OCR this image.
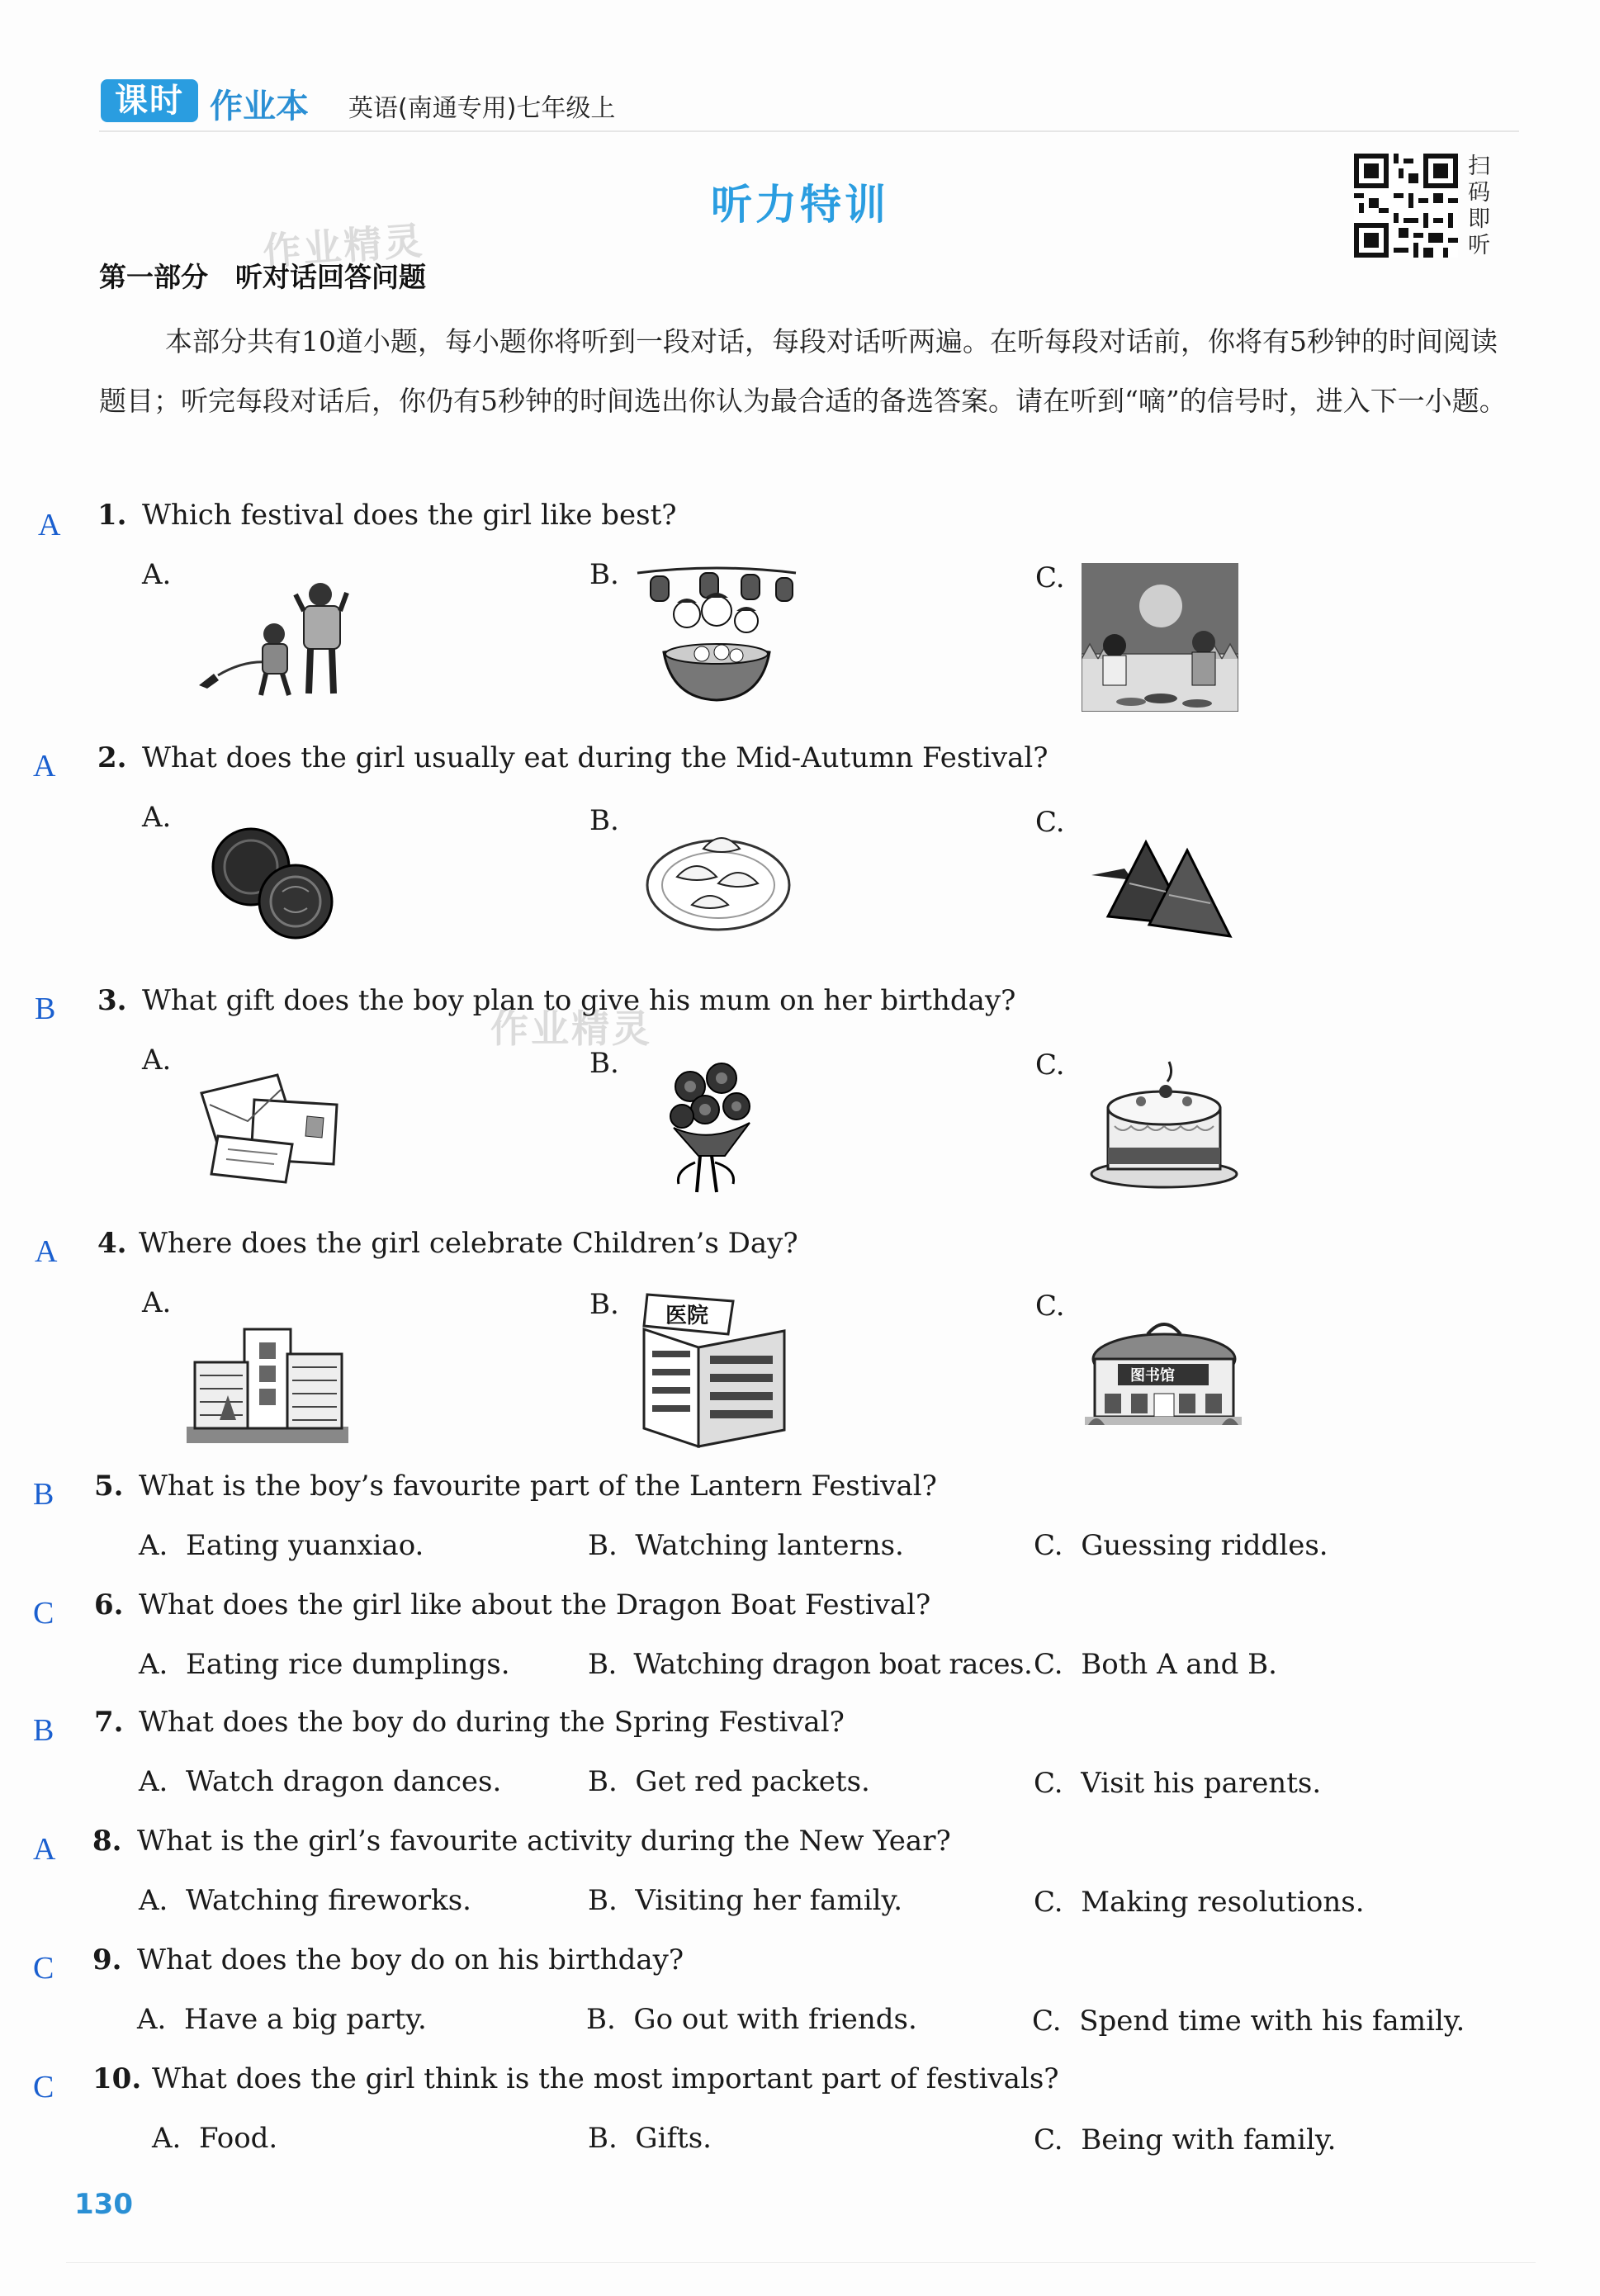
课时 作业本 英语(南通专用)七年级上
听力特训
扫码即听
作业精灵
作业精灵
第一部分　听对话回答问题
本部分共有10道小题，每小题你将听到一段对话，每段对话听两遍。在听每段对话前，你将有5秒钟的时间阅读题目；听完每段对话后，你仍有5秒钟的时间选出你认为最合适的备选答案。请在听到“嘀”的信号时，进入下一小题。
A 1. Which festival does the girl like best?
A.	B.	C.
A 2. What does the girl usually eat during the Mid-Autumn Festival?
A.	B.	C.
B 3. What gift does the boy plan to give his mum on her birthday?
A.	B.	C.
A 4. Where does the girl celebrate Children’s Day?
A.	B.	C.
医院
图书馆
B 5. What is the boy’s favourite part of the Lantern Festival?
A. Eating yuanxiao.	B. Watching lanterns.	C. Guessing riddles.
C 6. What does the girl like about the Dragon Boat Festival?
A. Eating rice dumplings.	B. Watching dragon boat races. C. Both A and B.
B 7. What does the boy do during the Spring Festival?
A. Watch dragon dances.	B. Get red packets.	C. Visit his parents.
A 8. What is the girl’s favourite activity during the New Year?
A. Watching fireworks.	B. Visiting her family.	C. Making resolutions.
C 9. What does the boy do on his birthday?
A. Have a big party.	B. Go out with friends.	C. Spend time with his family.
C 10. What does the girl think is the most important part of festivals?
A. Food.	B. Gifts.	C. Being with family.
130
